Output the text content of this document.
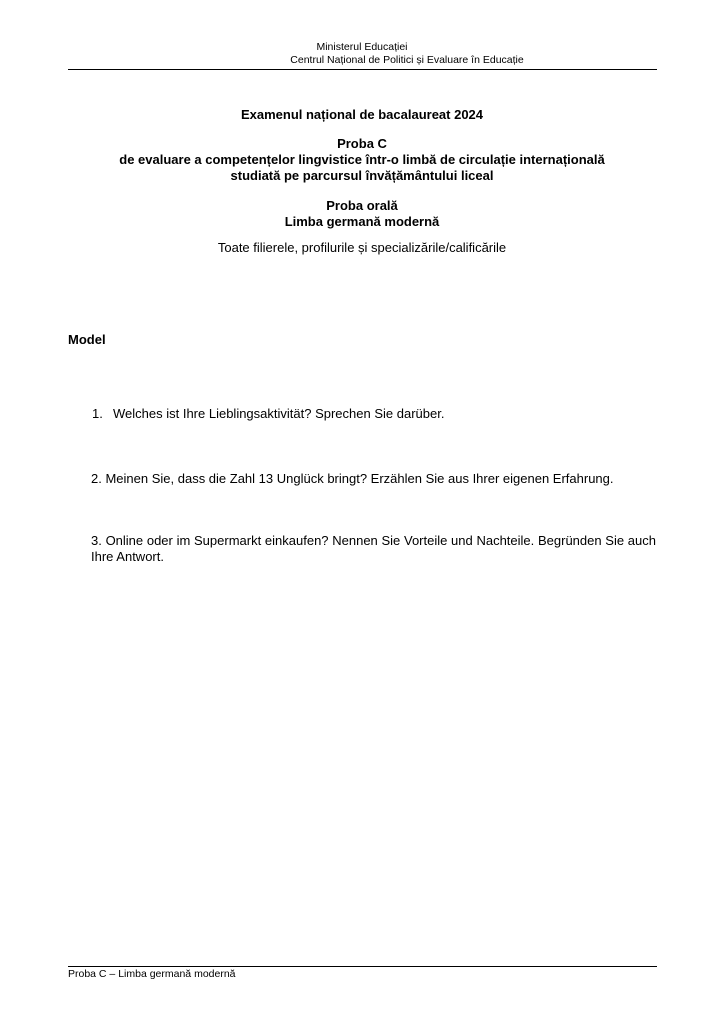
Ministerul Educației
Centrul Național de Politici și Evaluare în Educație
Examenul național de bacalaureat 2024
Proba C
de evaluare a competențelor lingvistice într-o limbă de circulație internațională
studiată pe parcursul învățământului liceal
Proba orală
Limba germană modernă
Toate filierele, profilurile și specializările/calificările
Model
1. Welches ist Ihre Lieblingsaktivität? Sprechen Sie darüber.
2. Meinen Sie, dass die Zahl 13 Unglück bringt? Erzählen Sie aus Ihrer eigenen Erfahrung.
3. Online oder im Supermarkt einkaufen? Nennen Sie Vorteile und Nachteile. Begründen Sie auch Ihre Antwort.
Proba C – Limba germană modernă
